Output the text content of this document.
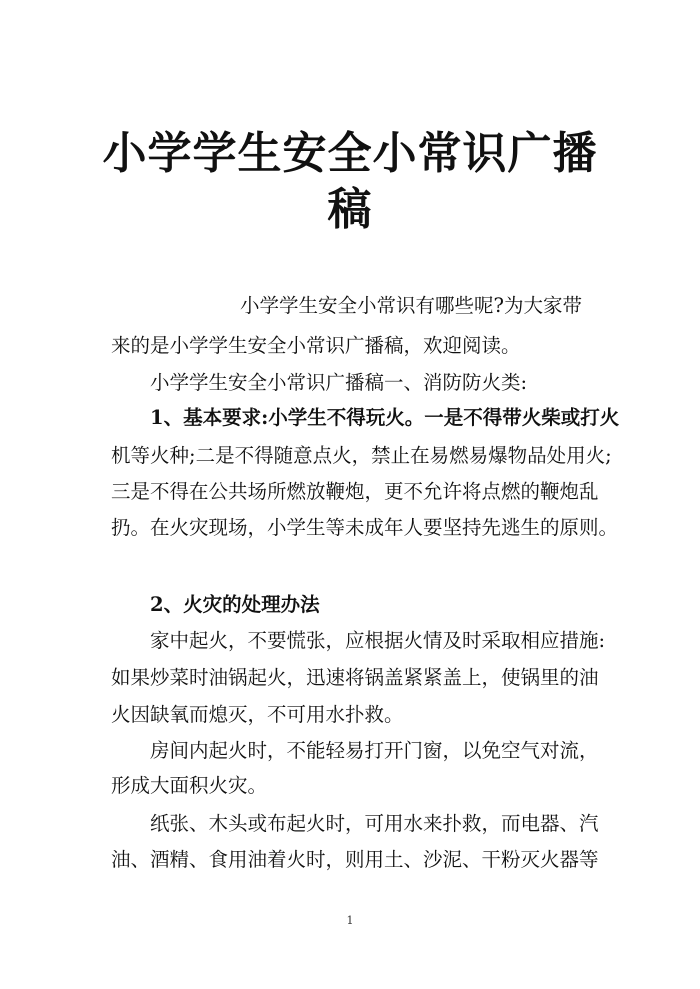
小学学生安全小常识广播
稿
小学学生安全小常识有哪些呢?为大家带
来的是小学学生安全小常识广播稿，欢迎阅读。
小学学生安全小常识广播稿一、消防防火类:
1、基本要求:小学生不得玩火。一是不得带火柴或打火
机等火种;二是不得随意点火，禁止在易燃易爆物品处用火;
三是不得在公共场所燃放鞭炮，更不允许将点燃的鞭炮乱
扔。在火灾现场，小学生等未成年人要坚持先逃生的原则。
2、火灾的处理办法
家中起火，不要慌张，应根据火情及时采取相应措施:
如果炒菜时油锅起火，迅速将锅盖紧紧盖上，使锅里的油
火因缺氧而熄灭，不可用水扑救。
房间内起火时，不能轻易打开门窗，以免空气对流，
形成大面积火灾。
纸张、木头或布起火时，可用水来扑救，而电器、汽
油、酒精、食用油着火时，则用土、沙泥、干粉灭火器等
1
